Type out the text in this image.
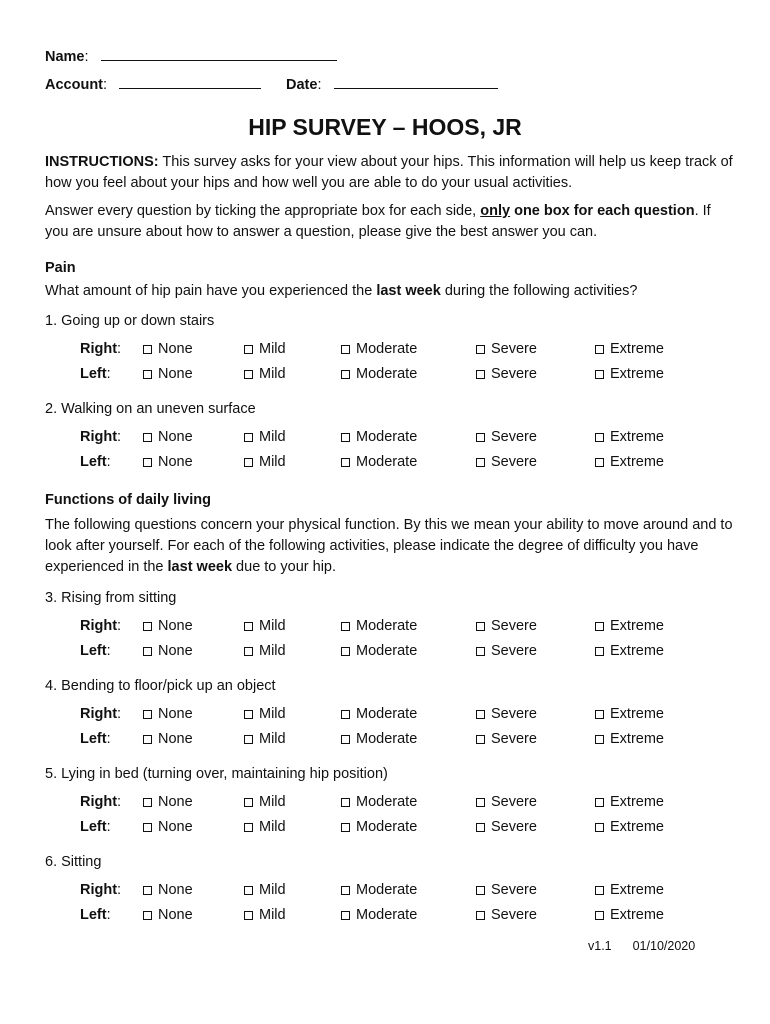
Name:
Account:	Date:
HIP SURVEY – HOOS, JR
INSTRUCTIONS: This survey asks for your view about your hips. This information will help us keep track of how you feel about your hips and how well you are able to do your usual activities.
Answer every question by ticking the appropriate box for each side, only one box for each question. If you are unsure about how to answer a question, please give the best answer you can.
Pain
What amount of hip pain have you experienced the last week during the following activities?
Functions of daily living
The following questions concern your physical function. By this we mean your ability to move around and to look after yourself. For each of the following activities, please indicate the degree of difficulty you have experienced in the last week due to your hip.
1. Going up or down stairs
Right:	None	Mild	Moderate	Severe	Extreme
Left:	None	Mild	Moderate	Severe	Extreme
2. Walking on an uneven surface
Right:	None	Mild	Moderate	Severe	Extreme
Left:	None	Mild	Moderate	Severe	Extreme
3. Rising from sitting
Right:	None	Mild	Moderate	Severe	Extreme
Left:	None	Mild	Moderate	Severe	Extreme
4. Bending to floor/pick up an object
Right:	None	Mild	Moderate	Severe	Extreme
Left:	None	Mild	Moderate	Severe	Extreme
5. Lying in bed (turning over, maintaining hip position)
Right:	None	Mild	Moderate	Severe	Extreme
Left:	None	Mild	Moderate	Severe	Extreme
6. Sitting
Right:	None	Mild	Moderate	Severe	Extreme
Left:	None	Mild	Moderate	Severe	Extreme
v1.1 01/10/2020
